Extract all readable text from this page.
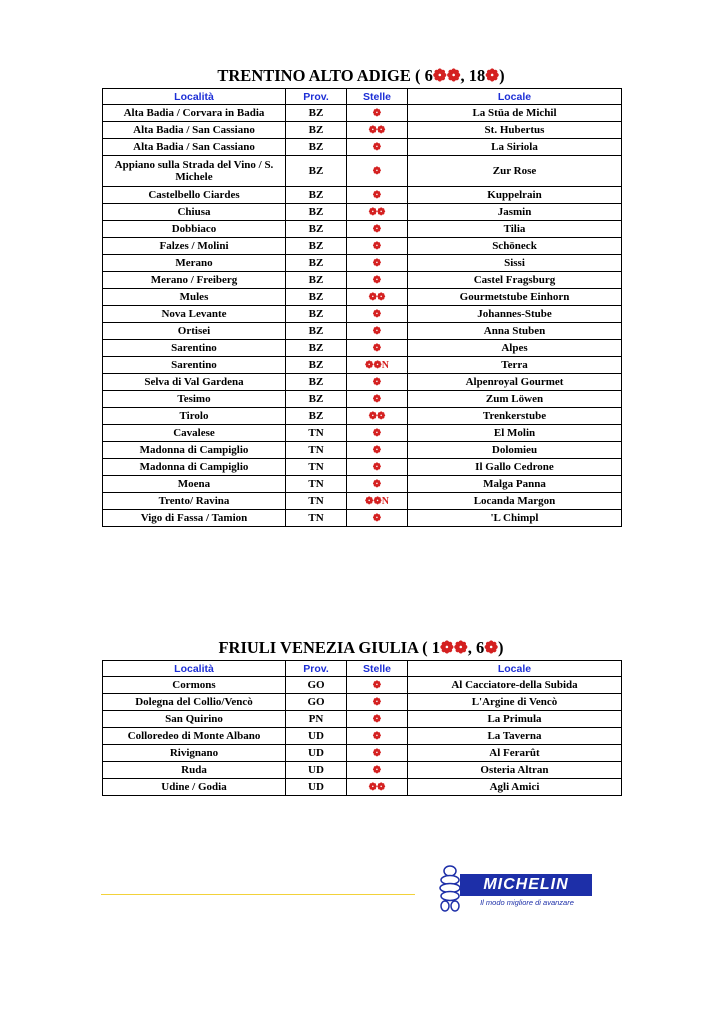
TRENTINO ALTO ADIGE ( 6❁❁, 18❁)
Località	Prov.	Stelle	Locale
Alta Badia / Corvara in Badia	BZ	❁	La Stüa de Michil
Alta Badia / San Cassiano	BZ	❁❁	St. Hubertus
Alta Badia / San Cassiano	BZ	❁	La Siriola
Appiano sulla Strada del Vino / S. Michele	BZ	❁	Zur Rose
Castelbello Ciardes	BZ	❁	Kuppelrain
Chiusa	BZ	❁❁	Jasmin
Dobbiaco	BZ	❁	Tilia
Falzes / Molini	BZ	❁	Schöneck
Merano	BZ	❁	Sissi
Merano / Freiberg	BZ	❁	Castel Fragsburg
Mules	BZ	❁❁	Gourmetstube Einhorn
Nova Levante	BZ	❁	Johannes-Stube
Ortisei	BZ	❁	Anna Stuben
Sarentino	BZ	❁	Alpes
Sarentino	BZ	❁❁N	Terra
Selva di Val Gardena	BZ	❁	Alpenroyal Gourmet
Tesimo	BZ	❁	Zum Löwen
Tirolo	BZ	❁❁	Trenkerstube
Cavalese	TN	❁	El Molin
Madonna di Campiglio	TN	❁	Dolomieu
Madonna di Campiglio	TN	❁	Il Gallo Cedrone
Moena	TN	❁	Malga Panna
Trento/ Ravina	TN	❁❁N	Locanda Margon
Vigo di Fassa / Tamion	TN	❁	'L Chimpl
FRIULI VENEZIA GIULIA ( 1❁❁, 6❁)
Località	Prov.	Stelle	Locale
Cormons	GO	❁	Al Cacciatore-della Subida
Dolegna del Collio/Vencò	GO	❁	L'Argine di Vencò
San Quirino	PN	❁	La Primula
Colloredeo di Monte Albano	UD	❁	La Taverna
Rivignano	UD	❁	Al Ferarût
Ruda	UD	❁	Osteria Altran
Udine / Godia	UD	❁❁	Agli Amici
MICHELIN
Il modo migliore di avanzare
